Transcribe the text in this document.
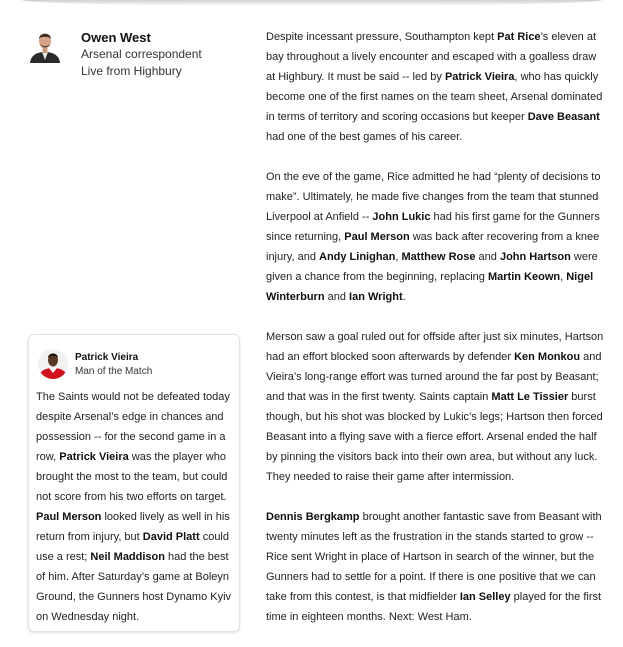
Owen West
Arsenal correspondent
Live from Highbury

Despite incessant pressure, Southampton kept Pat Rice’s eleven at bay throughout a lively encounter and escaped with a goalless draw at Highbury. It must be said -- led by Patrick Vieira, who has quickly become one of the first names on the team sheet, Arsenal dominated in terms of territory and scoring occasions but keeper Dave Beasant had one of the best games of his career.

On the eve of the game, Rice admitted he had “plenty of decisions to make”. Ultimately, he made five changes from the team that stunned Liverpool at Anfield -- John Lukic had his first game for the Gunners since returning, Paul Merson was back after recovering from a knee injury, and Andy Linighan, Matthew Rose and John Hartson were given a chance from the beginning, replacing Martin Keown, Nigel Winterburn and Ian Wright.

Merson saw a goal ruled out for offside after just six minutes, Hartson had an effort blocked soon afterwards by defender Ken Monkou and Vieira’s long-range effort was turned around the far post by Beasant; and that was in the first twenty. Saints captain Matt Le Tissier burst though, but his shot was blocked by Lukic’s legs; Hartson then forced Beasant into a flying save with a fierce effort. Arsenal ended the half by pinning the visitors back into their own area, but without any luck. They needed to raise their game after intermission.

Dennis Bergkamp brought another fantastic save from Beasant with twenty minutes left as the frustration in the stands started to grow -- Rice sent Wright in place of Hartson in search of the winner, but the Gunners had to settle for a point. If there is one positive that we can take from this contest, is that midfielder Ian Selley played for the first time in eighteen months. Next: West Ham.

Patrick Vieira
Man of the Match

The Saints would not be defeated today despite Arsenal’s edge in chances and possession -- for the second game in a row, Patrick Vieira was the player who brought the most to the team, but could not score from his two efforts on target. Paul Merson looked lively as well in his return from injury, but David Platt could use a rest; Neil Maddison had the best of him. After Saturday’s game at Boleyn Ground, the Gunners host Dynamo Kyiv on Wednesday night.
